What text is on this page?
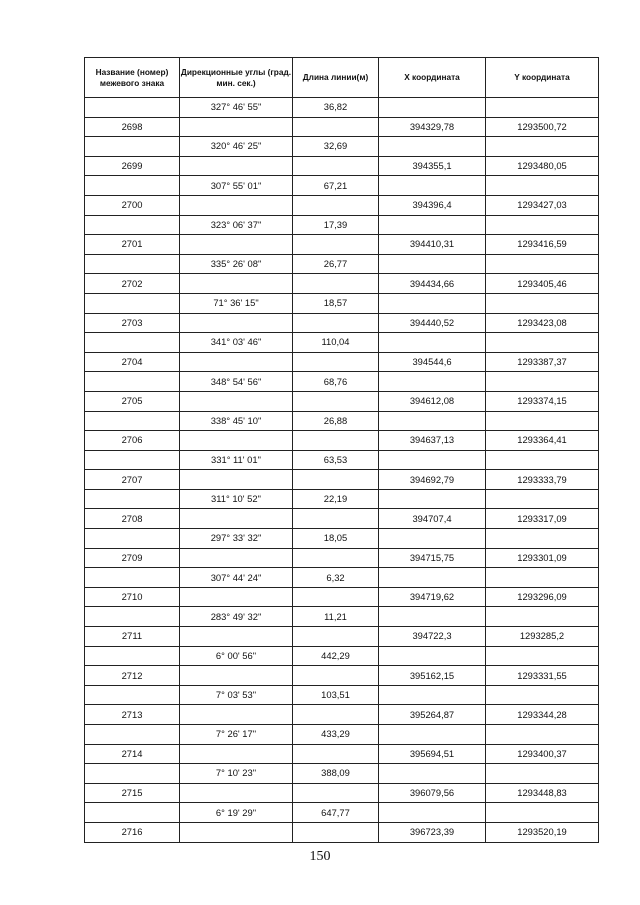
Название (номер) межевого знака	Дирекционные углы (град. мин. сек.)	Длина линии(м)	X координата	Y координата
	327° 46' 55"	36,82		
2698			394329,78	1293500,72
	320° 46' 25"	32,69		
2699			394355,1	1293480,05
	307° 55' 01"	67,21		
2700			394396,4	1293427,03
	323° 06' 37"	17,39		
2701			394410,31	1293416,59
	335° 26' 08"	26,77		
2702			394434,66	1293405,46
	71° 36' 15"	18,57		
2703			394440,52	1293423,08
	341° 03' 46"	110,04		
2704			394544,6	1293387,37
	348° 54' 56"	68,76		
2705			394612,08	1293374,15
	338° 45' 10"	26,88		
2706			394637,13	1293364,41
	331° 11' 01"	63,53		
2707			394692,79	1293333,79
	311° 10' 52"	22,19		
2708			394707,4	1293317,09
	297° 33' 32"	18,05		
2709			394715,75	1293301,09
	307° 44' 24"	6,32		
2710			394719,62	1293296,09
	283° 49' 32"	11,21		
2711			394722,3	1293285,2
	6° 00' 56"	442,29		
2712			395162,15	1293331,55
	7° 03' 53"	103,51		
2713			395264,87	1293344,28
	7° 26' 17"	433,29		
2714			395694,51	1293400,37
	7° 10' 23"	388,09		
2715			396079,56	1293448,83
	6° 19' 29"	647,77		
2716			396723,39	1293520,19
150
